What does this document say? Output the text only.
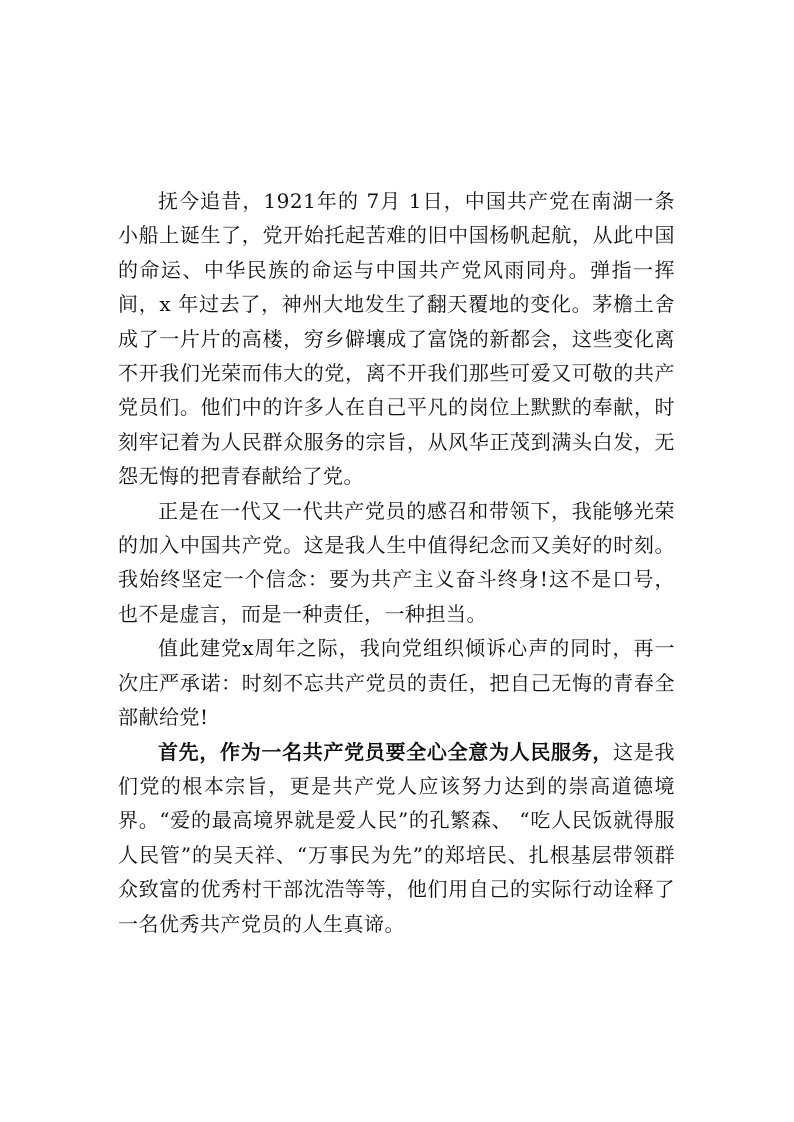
抚今追昔，1921年的 7月 1日，中国共产党在南湖一条小船上诞生了，党开始托起苦难的旧中国杨帆起航，从此中国的命运、中华民族的命运与中国共产党风雨同舟。弹指一挥间，x 年过去了，神州大地发生了翻天覆地的变化。茅檐土舍成了一片片的高楼，穷乡僻壤成了富饶的新都会，这些变化离不开我们光荣而伟大的党，离不开我们那些可爱又可敬的共产党员们。他们中的许多人在自己平凡的岗位上默默的奉献，时刻牢记着为人民群众服务的宗旨，从风华正茂到满头白发，无怨无悔的把青春献给了党。

正是在一代又一代共产党员的感召和带领下，我能够光荣的加入中国共产党。这是我人生中值得纪念而又美好的时刻。我始终坚定一个信念：要为共产主义奋斗终身!这不是口号，也不是虚言，而是一种责任，一种担当。

值此建党x周年之际，我向党组织倾诉心声的同时，再一次庄严承诺：时刻不忘共产党员的责任，把自己无悔的青春全部献给党!

首先，作为一名共产党员要全心全意为人民服务，这是我们党的根本宗旨，更是共产党人应该努力达到的崇高道德境界。“爱的最高境界就是爱人民”的孔繁森、 “吃人民饭就得服人民管”的吴天祥、“万事民为先”的郑培民、扎根基层带领群众致富的优秀村干部沈浩等等，他们用自己的实际行动诠释了一名优秀共产党员的人生真谛。
